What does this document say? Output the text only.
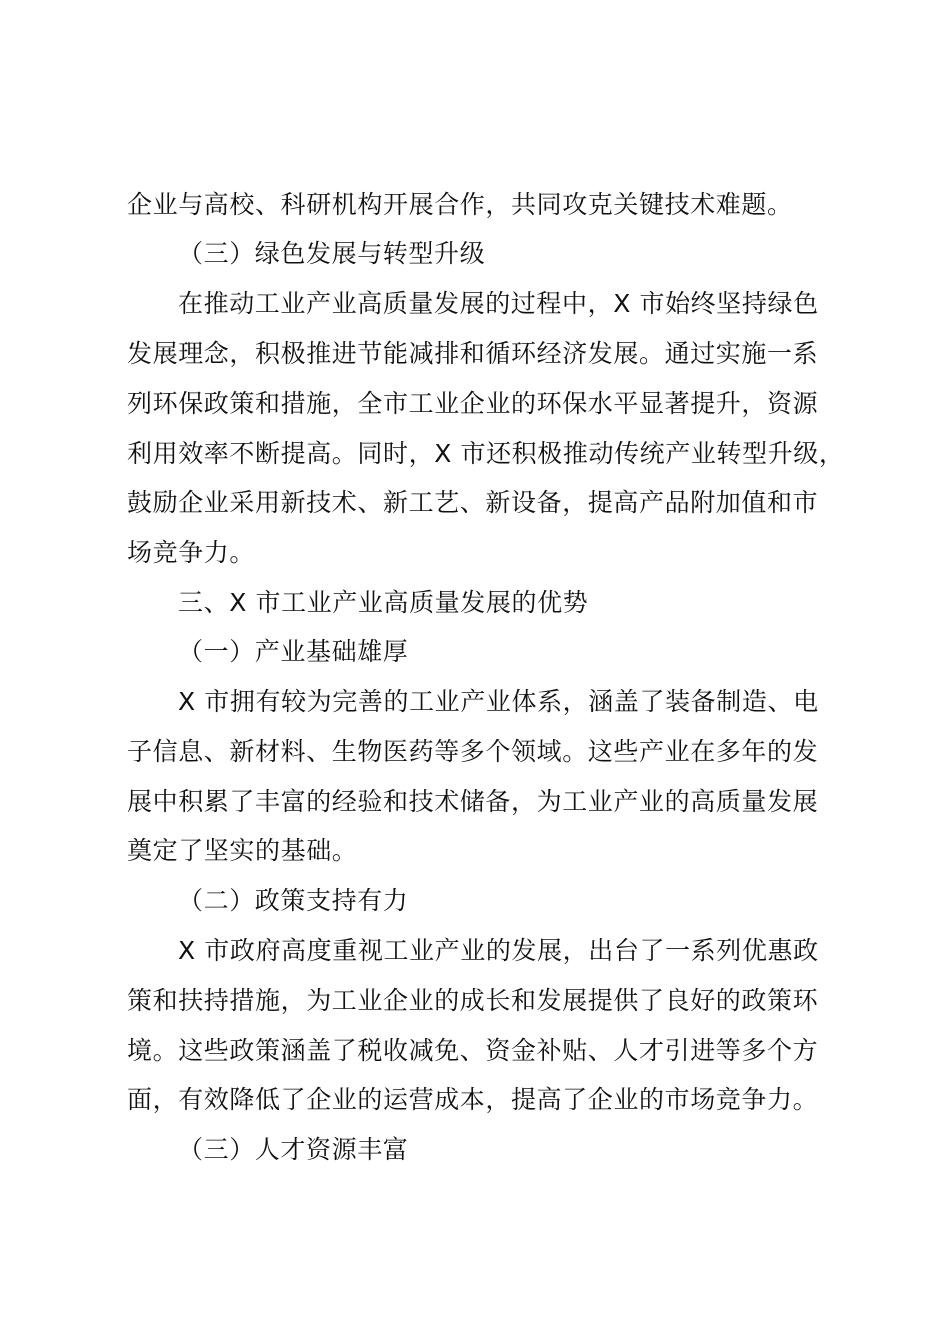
企业与高校、科研机构开展合作，共同攻克关键技术难题。
（三）绿色发展与转型升级
在推动工业产业高质量发展的过程中，X 市始终坚持绿色
发展理念，积极推进节能减排和循环经济发展。通过实施一系
列环保政策和措施，全市工业企业的环保水平显著提升，资源
利用效率不断提高。同时，X 市还积极推动传统产业转型升级，
鼓励企业采用新技术、新工艺、新设备，提高产品附加值和市
场竞争力。
三、X 市工业产业高质量发展的优势
（一）产业基础雄厚
X 市拥有较为完善的工业产业体系，涵盖了装备制造、电
子信息、新材料、生物医药等多个领域。这些产业在多年的发
展中积累了丰富的经验和技术储备，为工业产业的高质量发展
奠定了坚实的基础。
（二）政策支持有力
X 市政府高度重视工业产业的发展，出台了一系列优惠政
策和扶持措施，为工业企业的成长和发展提供了良好的政策环
境。这些政策涵盖了税收减免、资金补贴、人才引进等多个方
面，有效降低了企业的运营成本，提高了企业的市场竞争力。
（三）人才资源丰富
